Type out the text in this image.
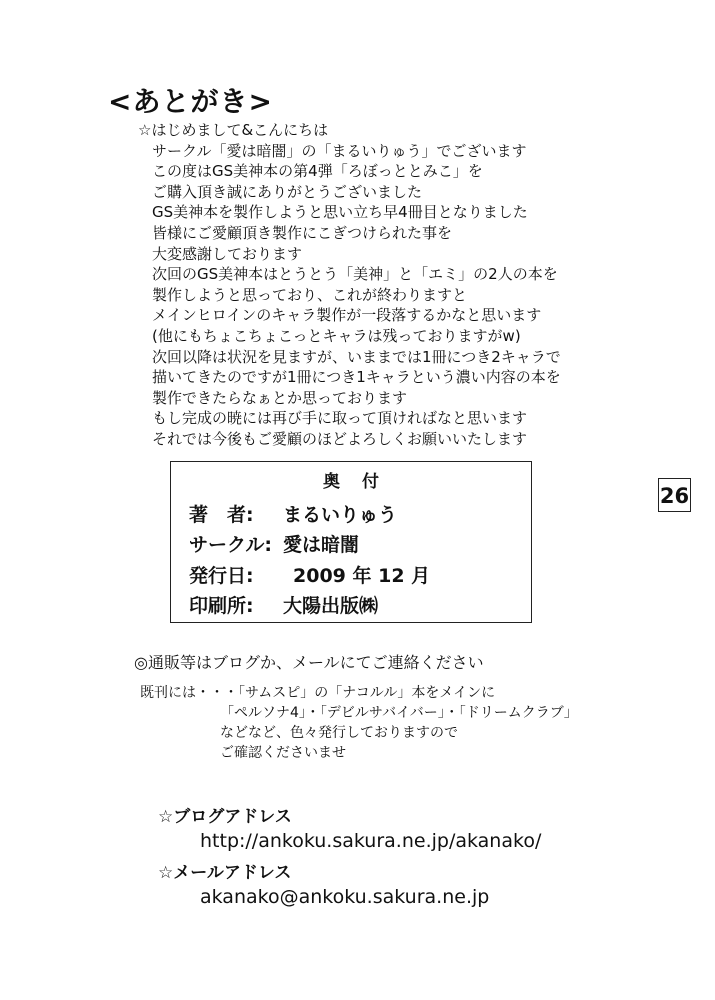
<あとがき>
☆はじめまして&こんにちは
サークル「愛は暗闇」の「まるいりゅう」でございます
この度はGS美神本の第4弾「ろぼっととみこ」を
ご購入頂き誠にありがとうございました
GS美神本を製作しようと思い立ち早4冊目となりました
皆様にご愛顧頂き製作にこぎつけられた事を
大変感謝しております
次回のGS美神本はとうとう「美神」と「エミ」の2人の本を
製作しようと思っており、これが終わりますと
メインヒロインのキャラ製作が一段落するかなと思います
(他にもちょこちょこっとキャラは残っておりますがw)
次回以降は状況を見ますが、いままでは1冊につき2キャラで
描いてきたのですが1冊につき1キャラという濃い内容の本を
製作できたらなぁとか思っております
もし完成の暁には再び手に取って頂ければなと思います
それでは今後もご愛顧のほどよろしくお願いいたします
26
奥付
著　者: まるいりゅう
サークル: 愛は暗闇
発行日: 2009 年 12 月
印刷所: 大陽出版㈱
◎通販等はブログか、メールにてご連絡ください
既刊には・・・「サムスピ」の「ナコルル」本をメインに
「ペルソナ4」・「デビルサバイバー」・「ドリームクラブ」
などなど、色々発行しておりますので
ご確認くださいませ
☆ブログアドレス
http://ankoku.sakura.ne.jp/akanako/
☆メールアドレス
akanako@ankoku.sakura.ne.jp
